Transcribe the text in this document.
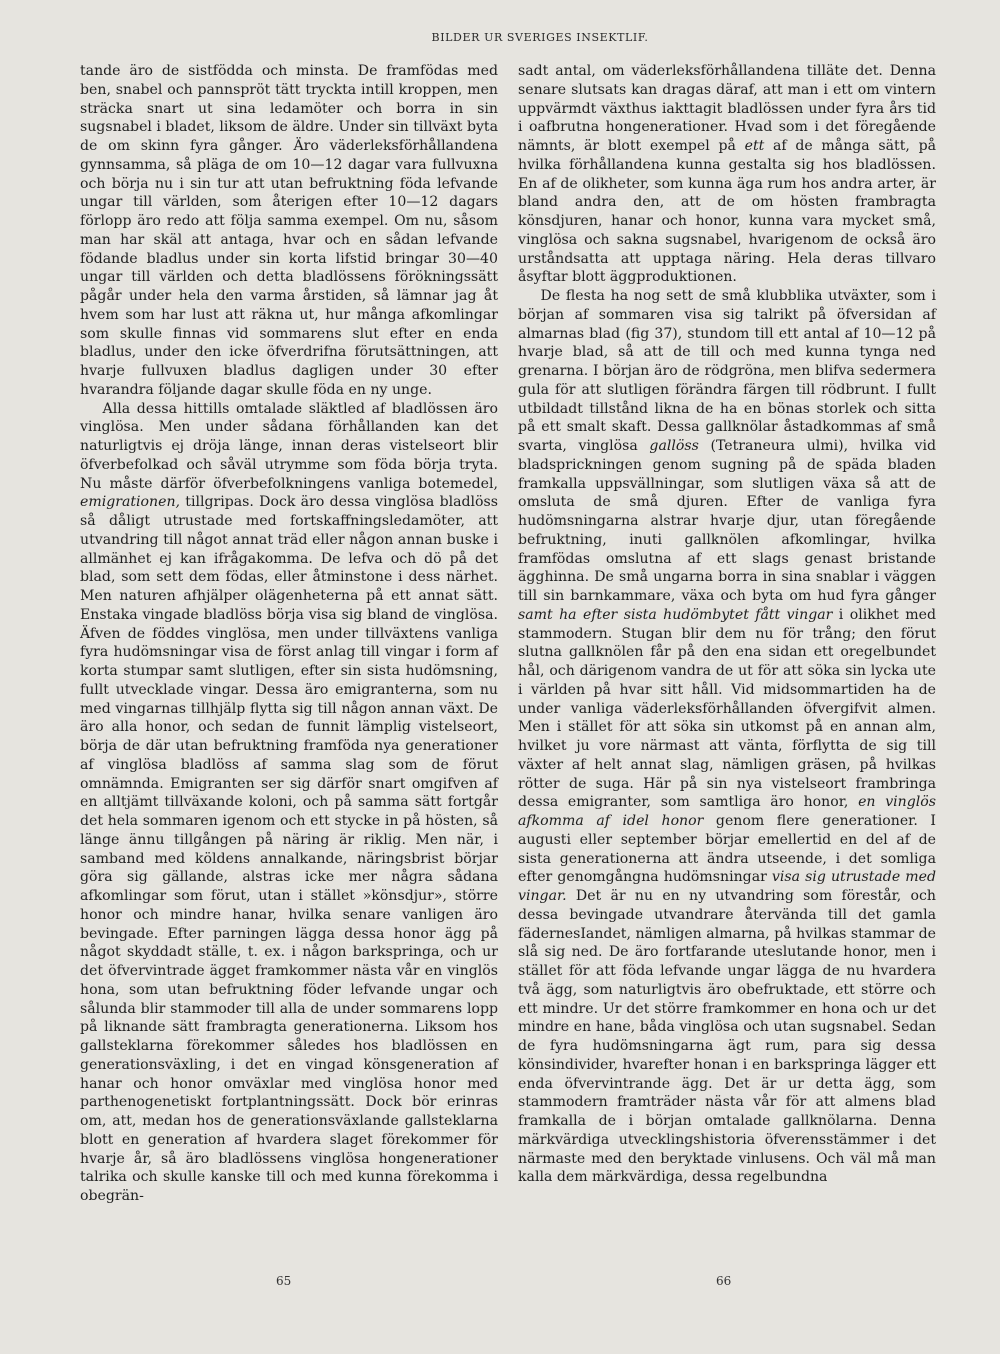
BILDER UR SVERIGES INSEKTLIF.

tande äro de sistfödda och minsta. De framfödas med ben, snabel och pannspröt tätt tryckta intill kroppen, men sträcka snart ut sina ledamöter och borra in sin sugsnabel i bladet, liksom de äldre. Under sin tillväxt byta de om skinn fyra gånger. Äro väderleksförhållandena gynnsamma, så pläga de om 10—12 dagar vara fullvuxna och börja nu i sin tur att utan befruktning föda lefvande ungar till världen, som återigen efter 10—12 dagars förlopp äro redo att följa samma exempel. Om nu, såsom man har skäl att antaga, hvar och en sådan lefvande födande bladlus under sin korta lifstid bringar 30—40 ungar till världen och detta bladlössens förökningssätt pågår under hela den varma årstiden, så lämnar jag åt hvem som har lust att räkna ut, hur många afkomlingar som skulle finnas vid sommarens slut efter en enda bladlus, under den icke öfverdrifna förutsättningen, att hvarje fullvuxen bladlus dagligen under 30 efter hvarandra följande dagar skulle föda en ny unge.

Alla dessa hittills omtalade släktled af bladlössen äro vinglösa. Men under sådana förhållanden kan det naturligtvis ej dröja länge, innan deras vistelseort blir öfverbefolkad och såväl utrymme som föda börja tryta. Nu måste därför öfverbefolkningens vanliga botemedel, emigrationen, tillgripas. Dock äro dessa vinglösa bladlöss så dåligt utrustade med fortskaffningsledamöter, att utvandring till något annat träd eller någon annan buske i allmänhet ej kan ifrågakomma. De lefva och dö på det blad, som sett dem födas, eller åtminstone i dess närhet. Men naturen afhjälper olägenheterna på ett annat sätt. Enstaka vingade bladlöss börja visa sig bland de vinglösa. Äfven de föddes vinglösa, men under tillväxtens vanliga fyra hudömsningar visa de först anlag till vingar i form af korta stumpar samt slutligen, efter sin sista hudömsning, fullt utvecklade vingar. Dessa äro emigranterna, som nu med vingarnas tillhjälp flytta sig till någon annan växt. De äro alla honor, och sedan de funnit lämplig vistelseort, börja de där utan befruktning framföda nya generationer af vinglösa bladlöss af samma slag som de förut omnämnda. Emigranten ser sig därför snart omgifven af en alltjämt tillväxande koloni, och på samma sätt fortgår det hela sommaren igenom och ett stycke in på hösten, så länge ännu tillgången på näring är riklig. Men när, i samband med köldens annalkande, näringsbrist börjar göra sig gällande, alstras icke mer några sådana afkomlingar som förut, utan i stället »könsdjur», större honor och mindre hanar, hvilka senare vanligen äro bevingade. Efter parningen lägga dessa honor ägg på något skyddadt ställe, t. ex. i någon barkspringa, och ur det öfvervintrade ägget framkommer nästa vår en vinglös hona, som utan befruktning föder lefvande ungar och sålunda blir stammoder till alla de under sommarens lopp på liknande sätt frambragta generationerna. Liksom hos gallsteklarna förekommer således hos bladlössen en generationsväxling, i det en vingad könsgeneration af hanar och honor omväxlar med vinglösa honor med parthenogenetiskt fortplantningssätt. Dock bör erinras om, att, medan hos de generationsväxlande gallsteklarna blott en generation af hvardera slaget förekommer för hvarje år, så äro bladlössens vinglösa hongenerationer talrika och skulle kanske till och med kunna förekomma i obegrän-

sadt antal, om väderleksförhållandena tilläte det. Denna senare slutsats kan dragas däraf, att man i ett om vintern uppvärmdt växthus iakttagit bladlössen under fyra års tid i oafbrutna hongenerationer. Hvad som i det föregående nämnts, är blott exempel på ett af de många sätt, på hvilka förhållandena kunna gestalta sig hos bladlössen. En af de olikheter, som kunna äga rum hos andra arter, är bland andra den, att de om hösten frambragta könsdjuren, hanar och honor, kunna vara mycket små, vinglösa och sakna sugsnabel, hvarigenom de också äro urståndsatta att upptaga näring. Hela deras tillvaro åsyftar blott äggproduktionen.

De flesta ha nog sett de små klubblika utväxter, som i början af sommaren visa sig talrikt på öfversidan af almarnas blad (fig 37), stundom till ett antal af 10—12 på hvarje blad, så att de till och med kunna tynga ned grenarna. I början äro de rödgröna, men blifva sedermera gula för att slutligen förändra färgen till rödbrunt. I fullt utbildadt tillstånd likna de ha en bönas storlek och sitta på ett smalt skaft. Dessa gallknölar åstadkommas af små svarta, vinglösa gallöss (Tetraneura ulmi), hvilka vid bladsprickningen genom sugning på de späda bladen framkalla uppsvällningar, som slutligen växa så att de omsluta de små djuren. Efter de vanliga fyra hudömsningarna alstrar hvarje djur, utan föregående befruktning, inuti gallknölen afkomlingar, hvilka framfödas omslutna af ett slags genast bristande ägghinna. De små ungarna borra in sina snablar i väggen till sin barnkammare, växa och byta om hud fyra gånger samt ha efter sista hudömbytet fått vingar i olikhet med stammodern. Stugan blir dem nu för trång; den förut slutna gallknölen får på den ena sidan ett oregelbundet hål, och därigenom vandra de ut för att söka sin lycka ute i världen på hvar sitt håll. Vid midsommartiden ha de under vanliga väderleksförhållanden öfvergifvit almen. Men i stället för att söka sin utkomst på en annan alm, hvilket ju vore närmast att vänta, förflytta de sig till växter af helt annat slag, nämligen gräsen, på hvilkas rötter de suga. Här på sin nya vistelseort frambringa dessa emigranter, som samtliga äro honor, en vinglös afkomma af idel honor genom flere generationer. I augusti eller september börjar emellertid en del af de sista generationerna att ändra utseende, i det somliga efter genomgångna hudömsningar visa sig utrustade med vingar. Det är nu en ny utvandring som förestår, och dessa bevingade utvandrare återvända till det gamla fädernesIandet, nämligen almarna, på hvilkas stammar de slå sig ned. De äro fortfarande uteslutande honor, men i stället för att föda lefvande ungar lägga de nu hvardera två ägg, som naturligtvis äro obefruktade, ett större och ett mindre. Ur det större framkommer en hona och ur det mindre en hane, båda vinglösa och utan sugsnabel. Sedan de fyra hudömsningarna ägt rum, para sig dessa könsindivider, hvarefter honan i en barkspringa lägger ett enda öfvervintrande ägg. Det är ur detta ägg, som stammodern framträder nästa vår för att almens blad framkalla de i början omtalade gallknölarna. Denna märkvärdiga utvecklingshistoria öfverensstämmer i det närmaste med den beryktade vinlusens. Och väl må man kalla dem märkvärdiga, dessa regelbundna

65	66
